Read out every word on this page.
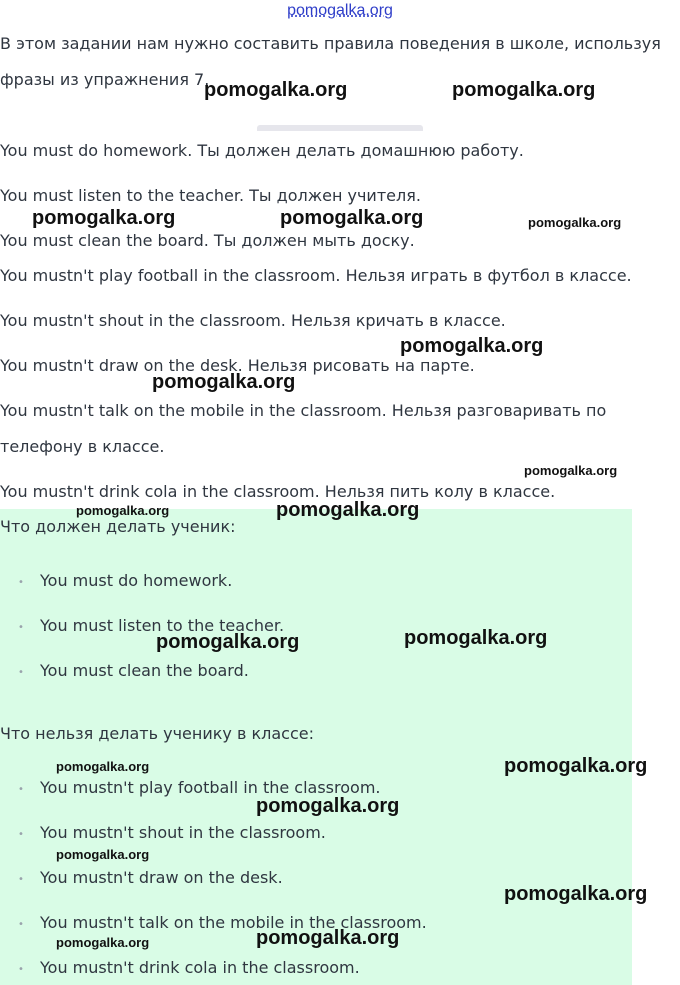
pomogalka.org

В этом задании нам нужно составить правила поведения в школе, используя фразы из упражнения 7.

You must do homework. Ты должен делать домашнюю работу.

You must listen to the teacher. Ты должен учителя.

You must clean the board. Ты должен мыть доску.

You mustn't play football in the classroom. Нельзя играть в футбол в классе.

You mustn't shout in the classroom. Нельзя кричать в классе.

You mustn't draw on the desk. Нельзя рисовать на парте.

You mustn't talk on the mobile in the classroom. Нельзя разговаривать по телефону в классе.

You mustn't drink cola in the classroom. Нельзя пить колу в классе.

Что должен делать ученик:

• You must do homework.
• You must listen to the teacher.
• You must clean the board.

Что нельзя делать ученику в классе:

• You mustn't play football in the classroom.
• You mustn't shout in the classroom.
• You mustn't draw on the desk.
• You mustn't talk on the mobile in the classroom.
• You mustn't drink cola in the classroom.
pomogalka.org	pomogalka.org
pomogalka.org	pomogalka.org	pomogalka.org
pomogalka.org
pomogalka.org
pomogalka.org
pomogalka.org	pomogalka.org
pomogalka.org	pomogalka.org
pomogalka.org	pomogalka.org
pomogalka.org
pomogalka.org
pomogalka.org
pomogalka.org	pomogalka.org
